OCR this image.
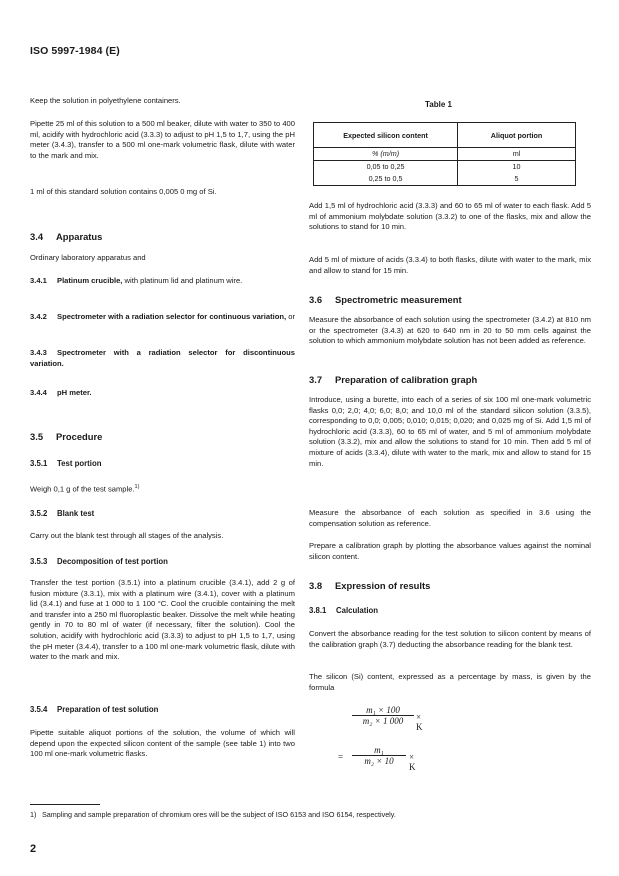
ISO 5997-1984 (E)

Keep the solution in polyethylene containers.

Pipette 25 ml of this solution to a 500 ml beaker, dilute with water to 350 to 400 ml, acidify with hydrochloric acid (3.3.3) to adjust to pH 1,5 to 1,7, using the pH meter (3.4.3), transfer to a 500 ml one-mark volumetric flask, dilute with water to the mark and mix.

1 ml of this standard solution contains 0,005 0 mg of Si.

3.4 Apparatus

Ordinary laboratory apparatus and

3.4.1 Platinum crucible, with platinum lid and platinum wire.

3.4.2 Spectrometer with a radiation selector for continuous variation, or

3.4.3 Spectrometer with a radiation selector for discontinuous variation.

3.4.4 pH meter.

3.5 Procedure
3.5.1 Test portion

Weigh 0,1 g of the test sample.$^{1)}$

3.5.2 Blank test

Carry out the blank test through all stages of the analysis.

3.5.3 Decomposition of test portion

Transfer the test portion (3.5.1) into a platinum crucible (3.4.1), add 2 g of fusion mixture (3.3.1), mix with a platinum wire (3.4.1), cover with a platinum lid (3.4.1) and fuse at 1 000 to 1 100 °C. Cool the crucible containing the melt and transfer into a 250 ml fluoroplastic beaker. Dissolve the melt while heating gently in 70 to 80 ml of water (if necessary, filter the solution). Cool the solution, acidify with hydrochloric acid (3.3.3) to adjust to pH 1,5 to 1,7, using the pH meter (3.4.4), transfer to a 100 ml one-mark volumetric flask, dilute with water to the mark and mix.

3.5.4 Preparation of test solution

Pipette suitable aliquot portions of the solution, the volume of which will depend upon the expected silicon content of the sample (see table 1) into two 100 ml one-mark volumetric flasks.

Table 1
Expected silicon content	Aliquot portion
% (m/m)	ml
0,05 to 0,25	10
0,25 to 0,5	5

Add 1,5 ml of hydrochloric acid (3.3.3) and 60 to 65 ml of water to each flask. Add 5 ml of ammonium molybdate solution (3.3.2) to one of the flasks, mix and allow the solutions to stand for 10 min.

Add 5 ml of mixture of acids (3.3.4) to both flasks, dilute with water to the mark, mix and allow to stand for 15 min.

3.6 Spectrometric measurement

Measure the absorbance of each solution using the spectrometer (3.4.2) at 810 nm or the spectrometer (3.4.3) at 620 to 640 nm in 20 to 50 mm cells against the solution to which ammonium molybdate solution has not been added as reference.

3.7 Preparation of calibration graph

Introduce, using a burette, into each of a series of six 100 ml one-mark volumetric flasks 0,0; 2,0; 4,0; 6,0; 8,0; and 10,0 ml of the standard silicon solution (3.3.5), corresponding to 0,0; 0,005; 0,010; 0,015; 0,020; and 0,025 mg of Si. Add 1,5 ml of hydrochloric acid (3.3.3), 60 to 65 ml of water, and 5 ml of ammonium molybdate solution (3.3.2), mix and allow the solutions to stand for 10 min. Then add 5 ml of mixture of acids (3.3.4), dilute with water to the mark, mix and allow to stand for 15 min.

Measure the absorbance of each solution as specified in 3.6 using the compensation solution as reference.

Prepare a calibration graph by plotting the absorbance values against the nominal silicon content.

3.8 Expression of results
3.8.1 Calculation

Convert the absorbance reading for the test solution to silicon content by means of the calibration graph (3.7) deducting the absorbance reading for the blank test.

The silicon (Si) content, expressed as a percentage by mass, is given by the formula

$\frac{\text{m₁ × 100}}{\text{m₂ × 1 000}} \times K$
= $\frac{\text{m₁}}{\text{m₂ × 10}} \times K$
1) Sampling and sample preparation of chromium ores will be the subject of ISO 6153 and ISO 6154, respectively.
2
